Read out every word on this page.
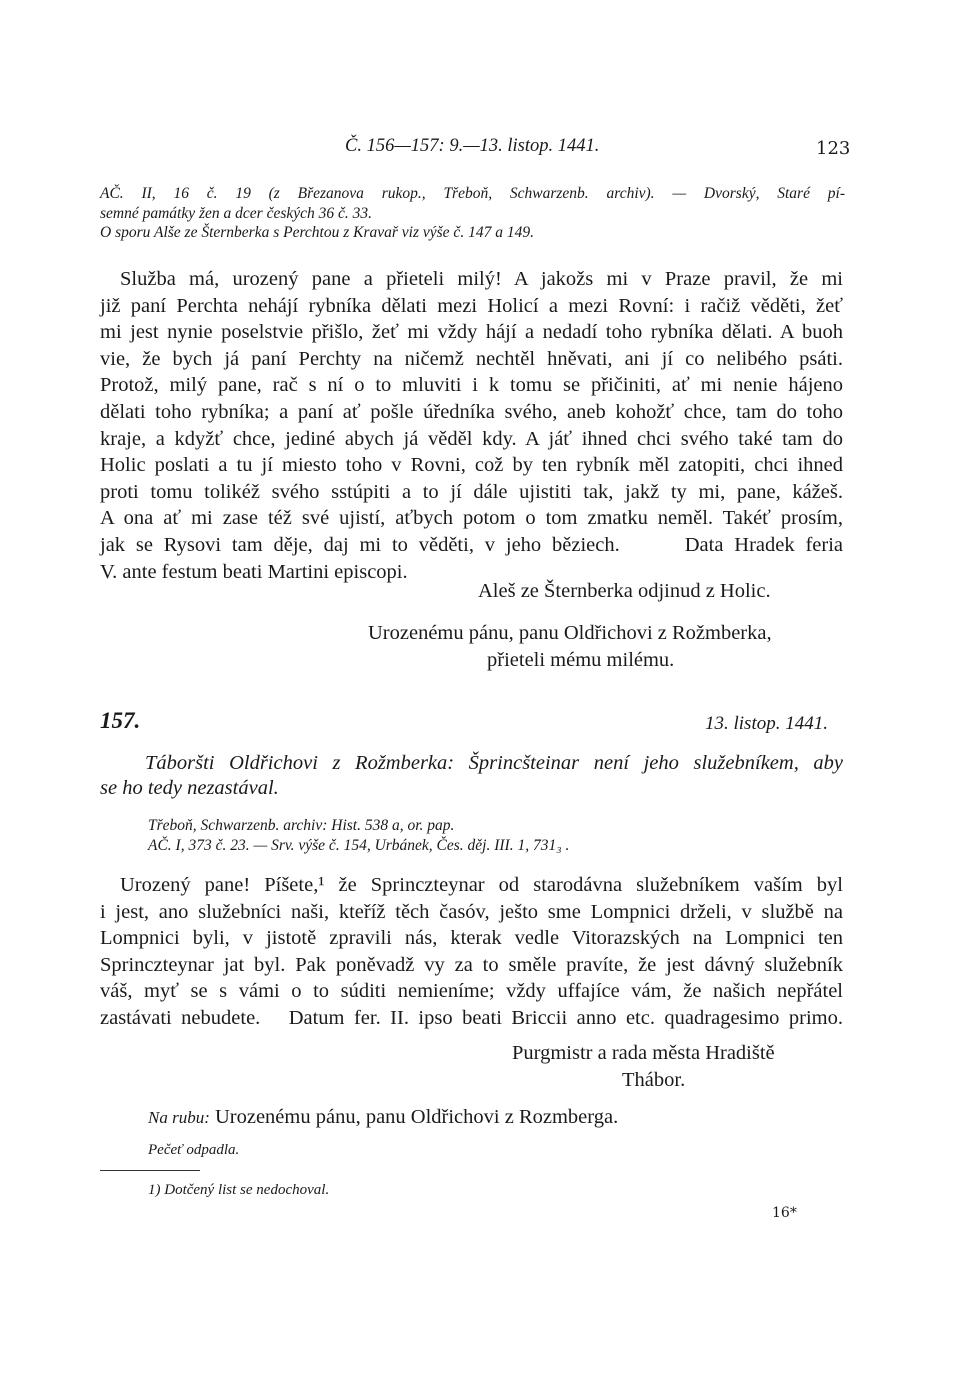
Č. 156—157: 9.—13. listop. 1441.	123
AČ. II, 16 č. 19 (z Březanova rukop., Třeboň, Schwarzenb. archiv). — Dvorský, Staré pí-
semné památky žen a dcer českých 36 č. 33.
O sporu Alše ze Šternberka s Perchtou z Kravař viz výše č. 147 a 149.
Služba má, urozený pane a přieteli milý! A jakožs mi v Praze pravil, že mi
již paní Perchta nehájí rybníka dělati mezi Holicí a mezi Rovní: i račiž věděti, žeť
mi jest nynie poselstvie přišlo, žeť mi vždy hájí a nedadí toho rybníka dělati. A buoh
vie, že bych já paní Perchty na ničemž nechtěl hněvati, ani jí co nelibého psáti.
Protož, milý pane, rač s ní o to mluviti i k tomu se přičiniti, ať mi nenie hájeno
dělati toho rybníka; a paní ať pošle úředníka svého, aneb kohožť chce, tam do toho
kraje, a kdyžť chce, jediné abych já věděl kdy. A jáť ihned chci svého také tam do
Holic poslati a tu jí miesto toho v Rovni, což by ten rybník měl zatopiti, chci ihned
proti tomu tolikéž svého sstúpiti a to jí dále ujistiti tak, jakž ty mi, pane, kážeš.
A ona ať mi zase též své ujistí, aťbych potom o tom zmatku neměl. Takéť prosím,
jak se Rysovi tam děje, daj mi to věděti, v jeho běziech.      Data Hradek feria
V. ante festum beati Martini episcopi.
Aleš ze Šternberka odjinud z Holic.
Urozenému pánu, panu Oldřichovi z Rožmberka,
přieteli mému milému.
157.	13. listop. 1441.
Táboršti Oldřichovi z Rožmberka: Šprincšteinar není jeho služebníkem, aby
se ho tedy nezastával.
Třeboň, Schwarzenb. archiv: Hist. 538 a, or. pap.
AČ. I, 373 č. 23. — Srv. výše č. 154, Urbánek, Čes. děj. III. 1, 731₃ .
Urozený pane! Píšete,¹ že Sprinczteynar od starodávna služebníkem vaším byl
i jest, ano služebníci naši, kteříž těch časóv, ješto sme Lompnici drželi, v službě na
Lompnici byli, v jistotě zpravili nás, kterak vedle Vitorazských na Lompnici ten
Sprinczteynar jat byl. Pak poněvadž vy za to směle pravíte, že jest dávný služebník
váš, myť se s vámi o to súditi nemieníme; vždy uffajíce vám, že našich nepřátel
zastávati nebudete.   Datum fer. II. ipso beati Briccii anno etc. quadragesimo primo.
Purgmistr a rada města Hradiště
Thábor.
Na rubu: Urozenému pánu, panu Oldřichovi z Rozmberga.
Pečeť odpadla.
1) Dotčený list se nedochoval.
16*
